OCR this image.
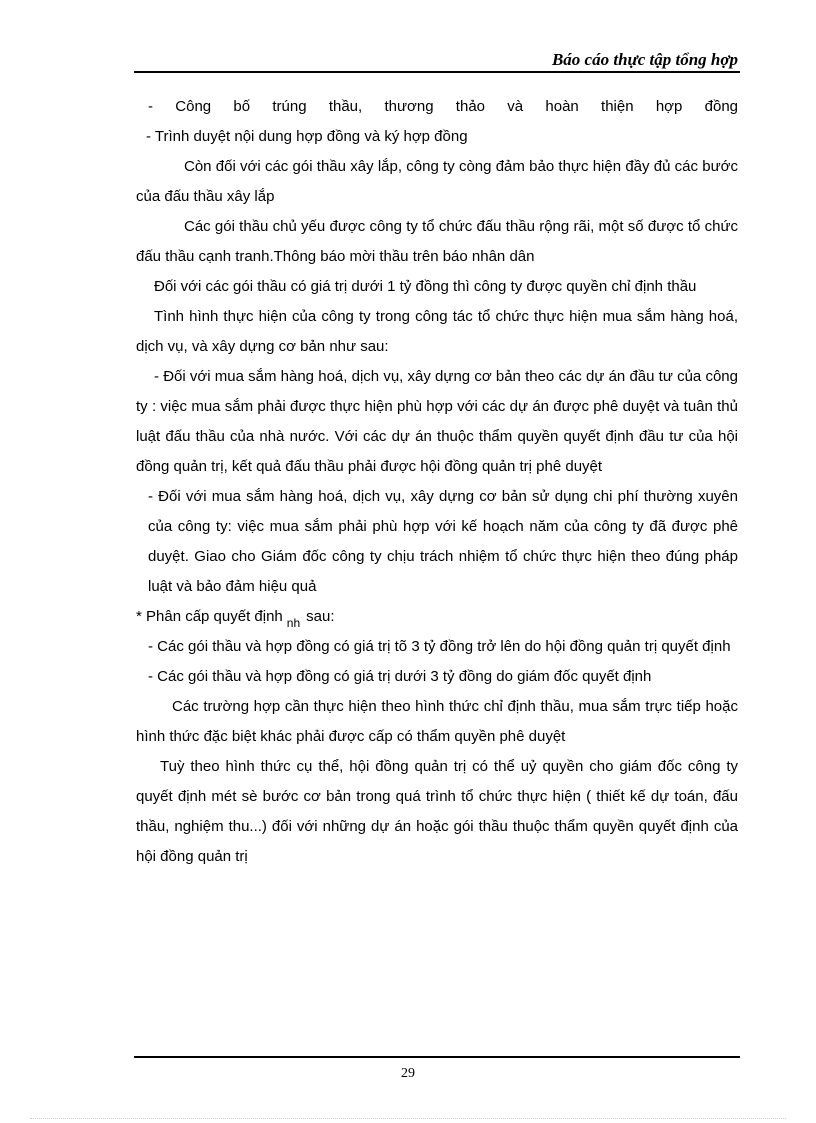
Báo cáo thực tập tổng hợp

- Công bố trúng thầu, thương thảo và hoàn thiện hợp đồng

- Trình duyệt nội dung hợp đồng và ký hợp đồng

Còn đối với các gói thầu xây lắp, công ty còng đảm bảo thực hiện đầy đủ các bước của đấu thầu xây lắp

Các gói thầu chủ yếu được công ty tổ chức đấu thầu rộng rãi, một số được tổ chức đấu thầu cạnh tranh.Thông báo mời thầu trên báo nhân dân

Đối với các gói thầu có giá trị dưới 1 tỷ đồng thì công ty được quyền chỉ định thầu

Tình hình thực hiện của công ty trong công tác tổ chức thực hiện mua sắm hàng hoá, dịch vụ, và xây dựng cơ bản như sau:

- Đối với mua sắm hàng hoá, dịch vụ, xây dựng cơ bản theo các dự án đầu tư của công ty : việc mua sắm phải được thực hiện phù hợp với các dự án được phê duyệt và tuân thủ luật đấu thầu của nhà nước. Với các dự án thuộc thẩm quyền quyết định đầu tư của hội đồng quản trị, kết quả đấu thầu phải được hội đồng quản trị phê duyệt

- Đối với mua sắm hàng hoá, dịch vụ, xây dựng cơ bản sử dụng chi phí thường xuyên của công ty: việc mua sắm phải phù hợp với kế hoạch năm của công ty đã được phê duyệt. Giao cho Giám đốc công ty chịu trách nhiệm tổ chức thực hiện theo đúng pháp luật và bảo đảm hiệu quả

* Phân cấp quyết định $_{nh}$ sau:

- Các gói thầu và hợp đồng có giá trị tõ 3 tỷ đồng trở lên do hội đồng quản trị quyết định

- Các gói thầu và hợp đồng có giá trị dưới 3 tỷ đồng do giám đốc quyết định

Các trường hợp cần thực hiện theo hình thức chỉ định thầu, mua sắm trực tiếp hoặc hình thức đặc biệt khác phải được cấp có thẩm quyền phê duyệt

Tuỳ theo hình thức cụ thể, hội đồng quản trị có thể uỷ quyền cho giám đốc công ty quyết định mét sè bước cơ bản trong quá trình tổ chức thực hiện ( thiết kế dự toán, đấu thầu, nghiệm thu...) đối với những dự án hoặc gói thầu thuộc thẩm quyền quyết định của hội đồng quản trị

29
